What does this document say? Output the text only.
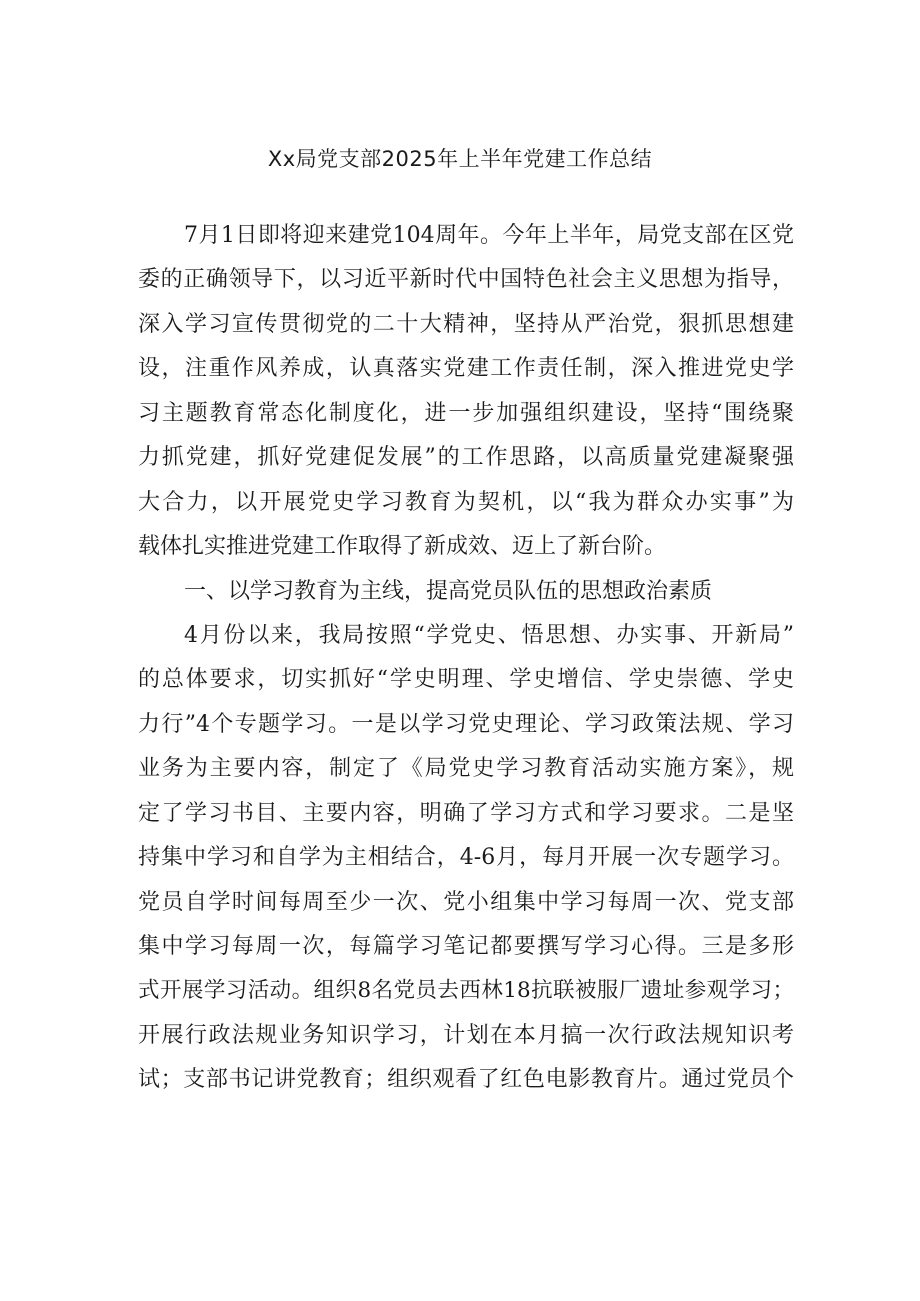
Xx局党支部2025年上半年党建工作总结
7月1日即将迎来建党104周年。今年上半年，局党支部在区党
委的正确领导下，以习近平新时代中国特色社会主义思想为指导，
深入学习宣传贯彻党的二十大精神，坚持从严治党，狠抓思想建
设，注重作风养成，认真落实党建工作责任制，深入推进党史学
习主题教育常态化制度化，进一步加强组织建设，坚持“围绕聚
力抓党建，抓好党建促发展”的工作思路，以高质量党建凝聚强
大合力，以开展党史学习教育为契机，以“我为群众办实事”为
载体扎实推进党建工作取得了新成效、迈上了新台阶。
一、以学习教育为主线，提高党员队伍的思想政治素质
4月份以来，我局按照“学党史、悟思想、办实事、开新局”
的总体要求，切实抓好“学史明理、学史增信、学史崇德、学史
力行”4个专题学习。一是以学习党史理论、学习政策法规、学习
业务为主要内容，制定了《局党史学习教育活动实施方案》，规
定了学习书目、主要内容，明确了学习方式和学习要求。二是坚
持集中学习和自学为主相结合，4-6月，每月开展一次专题学习。
党员自学时间每周至少一次、党小组集中学习每周一次、党支部
集中学习每周一次，每篇学习笔记都要撰写学习心得。三是多形
式开展学习活动。组织8名党员去西林18抗联被服厂遗址参观学习；
开展行政法规业务知识学习，计划在本月搞一次行政法规知识考
试；支部书记讲党教育；组织观看了红色电影教育片。通过党员个
